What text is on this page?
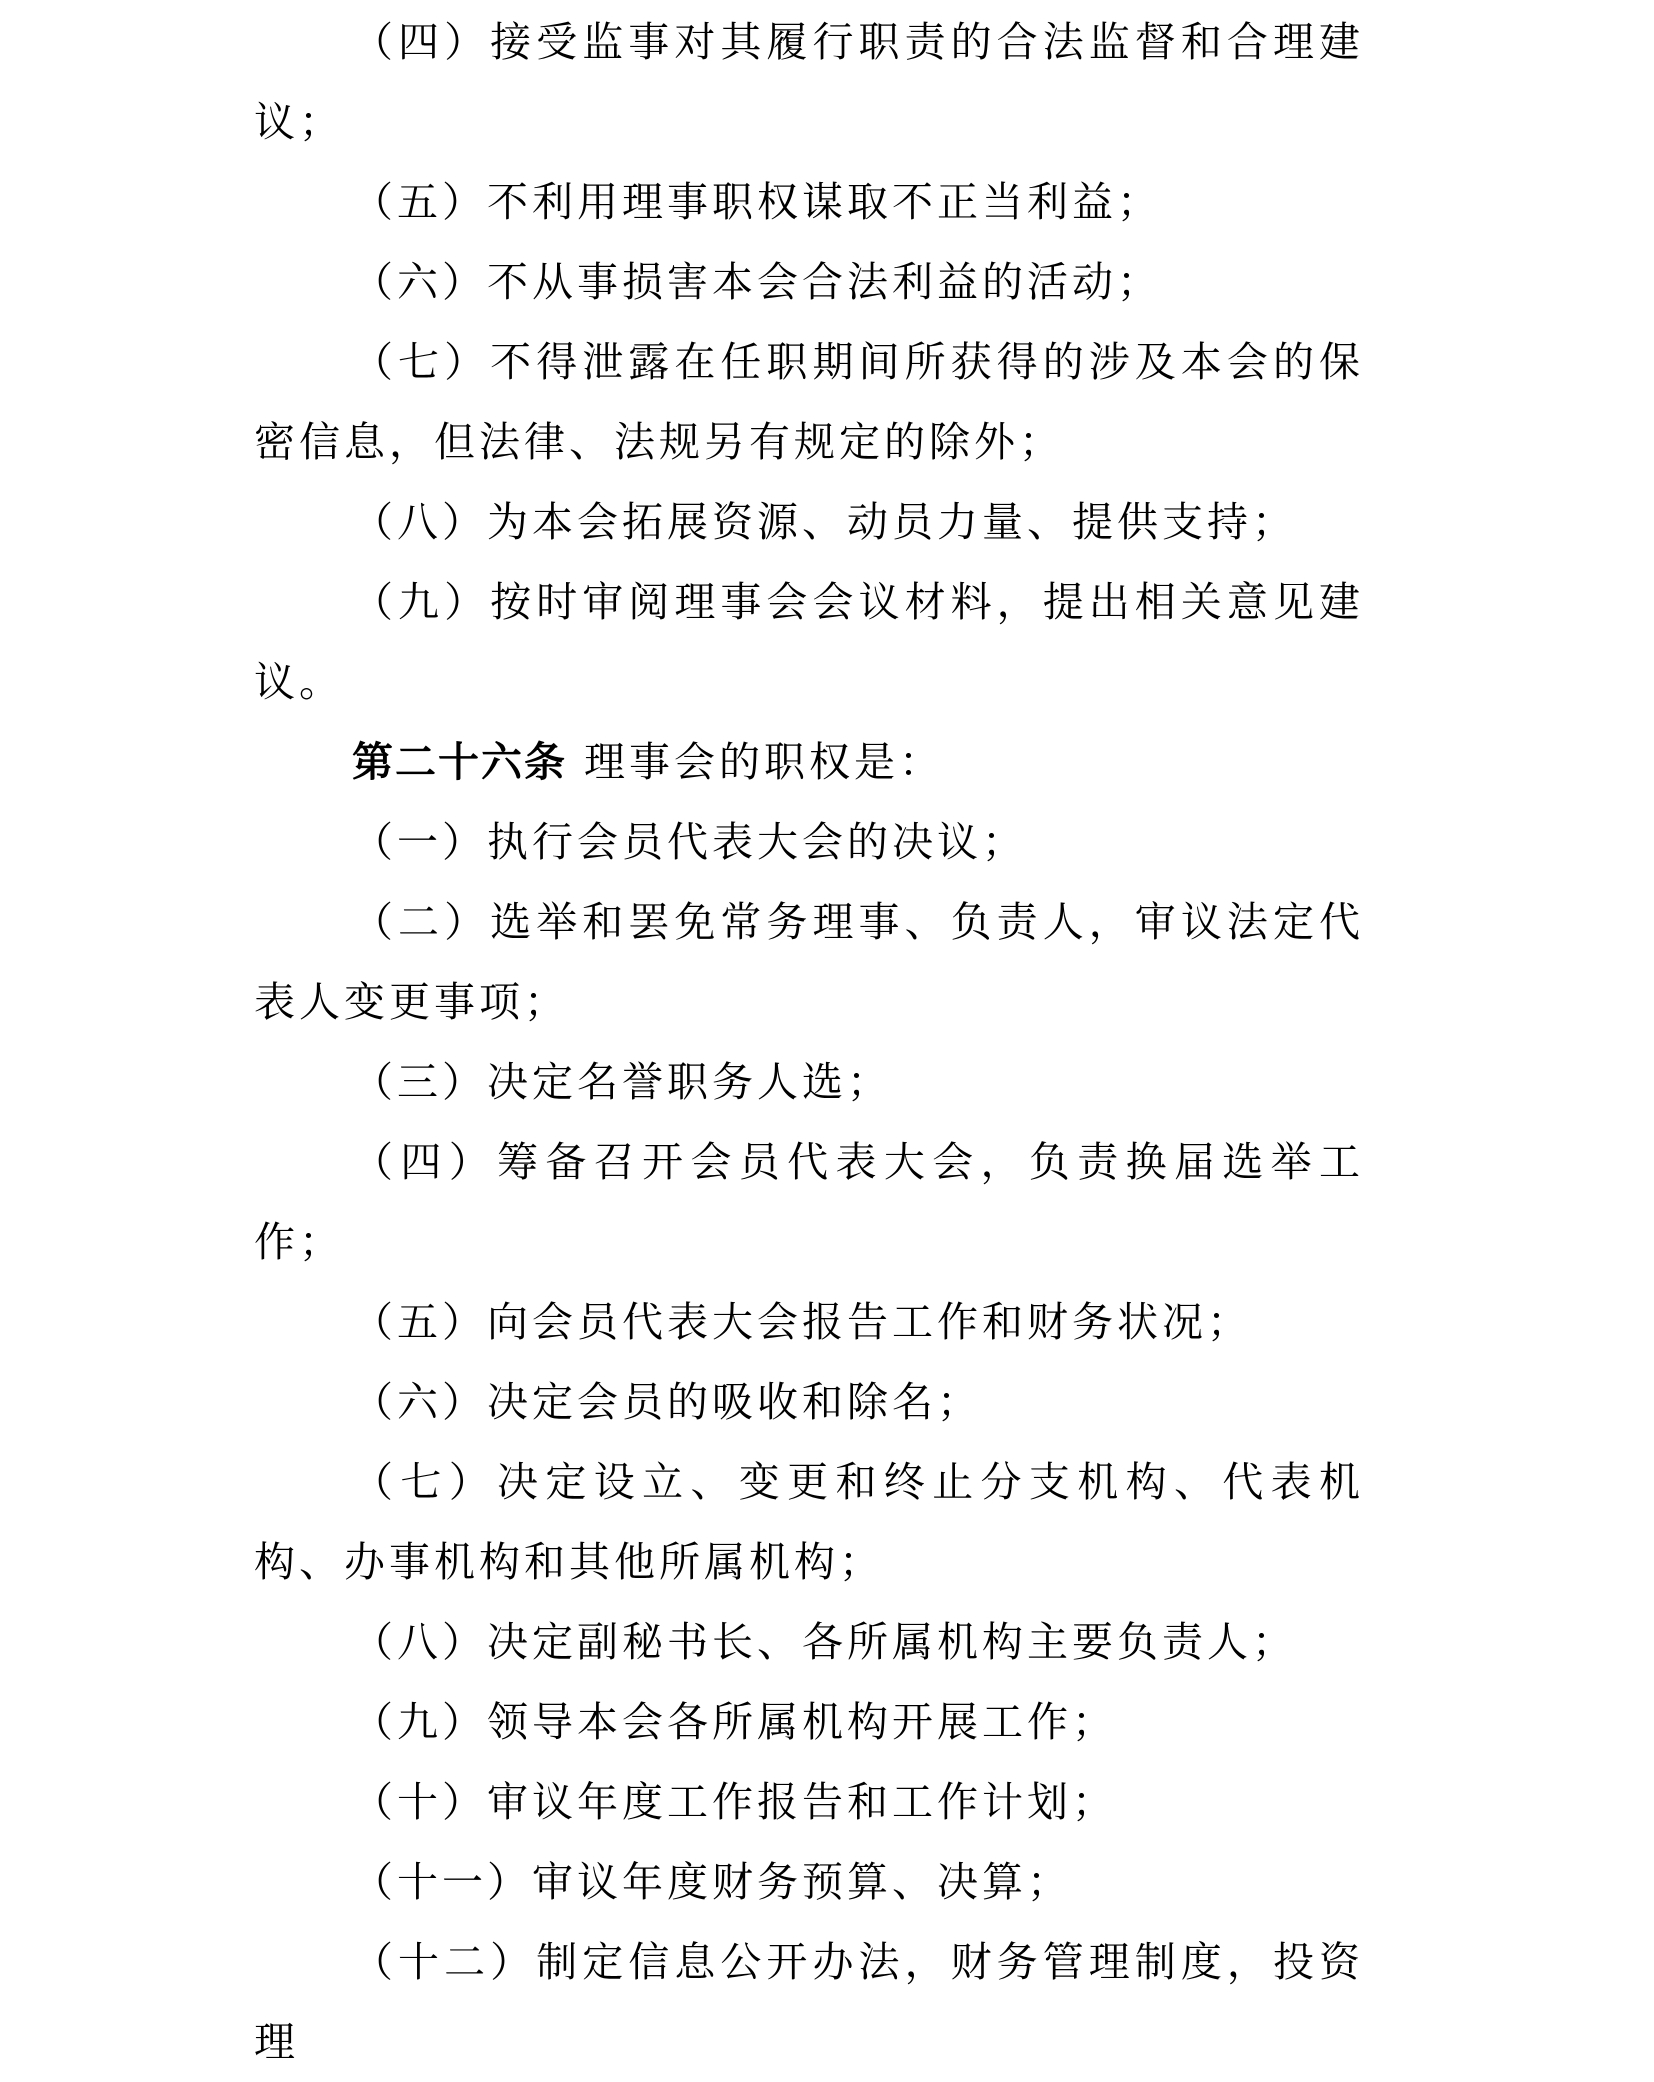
（四）接受监事对其履行职责的合法监督和合理建议；

（五）不利用理事职权谋取不正当利益；

（六）不从事损害本会合法利益的活动；

（七）不得泄露在任职期间所获得的涉及本会的保密信息，但法律、法规另有规定的除外；

（八）为本会拓展资源、动员力量、提供支持；

（九）按时审阅理事会会议材料，提出相关意见建议。

第二十六条 理事会的职权是：

（一）执行会员代表大会的决议；

（二）选举和罢免常务理事、负责人，审议法定代表人变更事项；

（三）决定名誉职务人选；

（四）筹备召开会员代表大会，负责换届选举工作；

（五）向会员代表大会报告工作和财务状况；

（六）决定会员的吸收和除名；

（七）决定设立、变更和终止分支机构、代表机构、办事机构和其他所属机构；

（八）决定副秘书长、各所属机构主要负责人；

（九）领导本会各所属机构开展工作；

（十）审议年度工作报告和工作计划；

（十一）审议年度财务预算、决算；

（十二）制定信息公开办法，财务管理制度，投资理
